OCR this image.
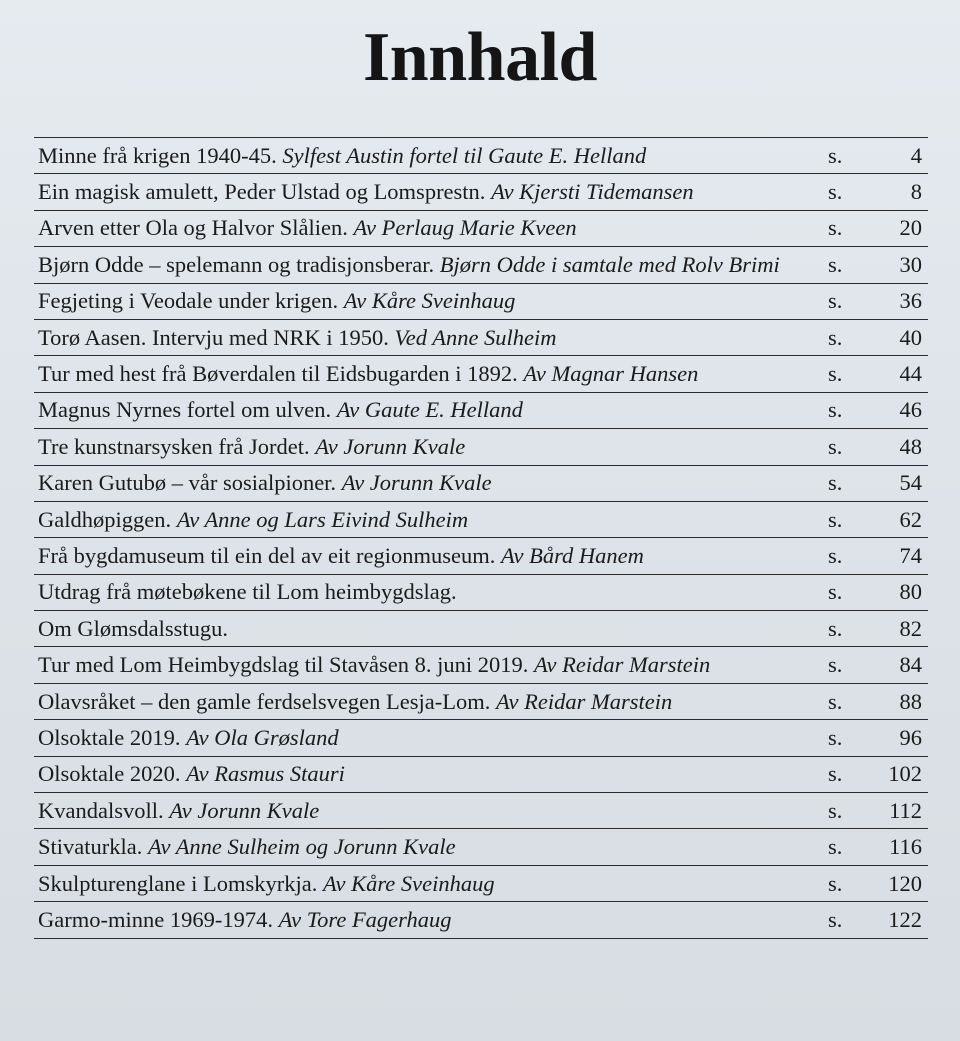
Innhald
Minne frå krigen 1940-45. Sylfest Austin fortel til Gaute E. Helland	s.	4
Ein magisk amulett, Peder Ulstad og Lomsprestn. Av Kjersti Tidemansen	s.	8
Arven etter Ola og Halvor Slålien. Av Perlaug Marie Kveen	s.	20
Bjørn Odde – spelemann og tradisjonsberar. Bjørn Odde i samtale med Rolv Brimi	s.	30
Fegjeting i Veodale under krigen. Av Kåre Sveinhaug	s.	36
Torø Aasen. Intervju med NRK i 1950. Ved Anne Sulheim	s.	40
Tur med hest frå Bøverdalen til Eidsbugarden i 1892. Av Magnar Hansen	s.	44
Magnus Nyrnes fortel om ulven. Av Gaute E. Helland	s.	46
Tre kunstnarsysken frå Jordet. Av Jorunn Kvale	s.	48
Karen Gutubø – vår sosialpioner. Av Jorunn Kvale	s.	54
Galdhøpiggen. Av Anne og Lars Eivind Sulheim	s.	62
Frå bygdamuseum til ein del av eit regionmuseum. Av Bård Hanem	s.	74
Utdrag frå møtebøkene til Lom heimbygdslag.	s.	80
Om Glømsdalsstugu.	s.	82
Tur med Lom Heimbygdslag til Stavåsen 8. juni 2019. Av Reidar Marstein	s.	84
Olavsråket – den gamle ferdselsvegen Lesja-Lom. Av Reidar Marstein	s.	88
Olsoktale 2019. Av Ola Grøsland	s.	96
Olsoktale 2020. Av Rasmus Stauri	s.	102
Kvandalsvoll. Av Jorunn Kvale	s.	112
Stivaturkla. Av Anne Sulheim og Jorunn Kvale	s.	116
Skulpturenglane i Lomskyrkja. Av Kåre Sveinhaug	s.	120
Garmo-minne 1969-1974. Av Tore Fagerhaug	s.	122
